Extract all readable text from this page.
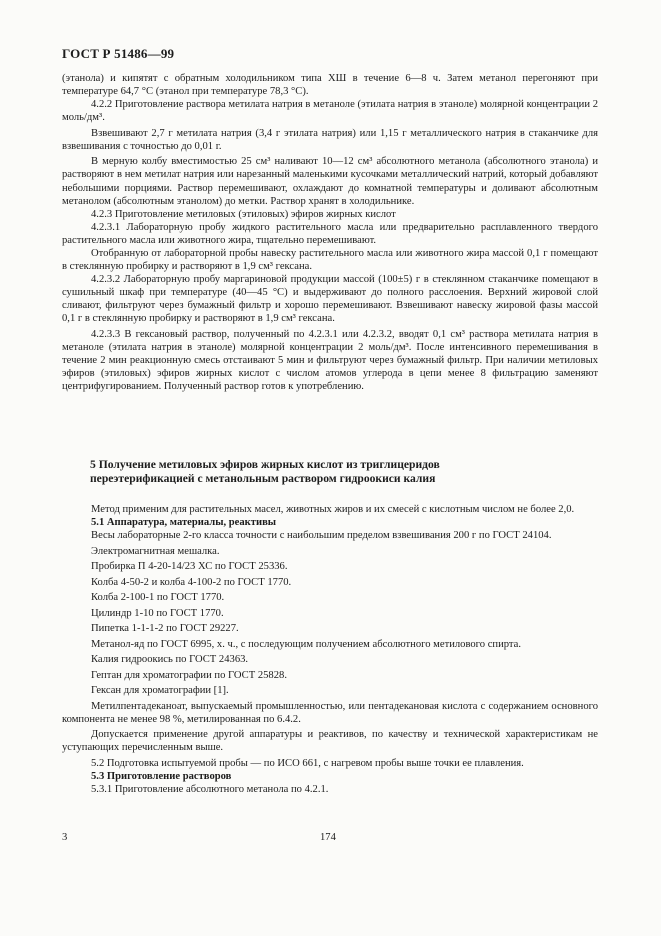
ГОСТ Р 51486—99

(этанола) и кипятят с обратным холодильником типа ХШ в течение 6—8 ч. Затем метанол перегоняют при температуре 64,7 °С (этанол при температуре 78,3 °С).

4.2.2 Приготовление раствора метилата натрия в метаноле (этилата натрия в этаноле) молярной концентрации 2 моль/дм³.

Взвешивают 2,7 г метилата натрия (3,4 г этилата натрия) или 1,15 г металлического натрия в стаканчике для взвешивания с точностью до 0,01 г.

В мерную колбу вместимостью 25 см³ наливают 10—12 см³ абсолютного метанола (абсолютного этанола) и растворяют в нем метилат натрия или нарезанный маленькими кусочками металлический натрий, который добавляют небольшими порциями. Раствор перемешивают, охлаждают до комнатной температуры и доливают абсолютным метанолом (абсолютным этанолом) до метки. Раствор хранят в холодильнике.

4.2.3 Приготовление метиловых (этиловых) эфиров жирных кислот

4.2.3.1 Лабораторную пробу жидкого растительного масла или предварительно расплавленного твердого растительного масла или животного жира, тщательно перемешивают.

Отобранную от лабораторной пробы навеску растительного масла или животного жира массой 0,1 г помещают в стеклянную пробирку и растворяют в 1,9 см³ гексана.

4.2.3.2 Лабораторную пробу маргариновой продукции массой (100±5) г в стеклянном стаканчике помещают в сушильный шкаф при температуре (40—45 °С) и выдерживают до полного расслоения. Верхний жировой слой сливают, фильтруют через бумажный фильтр и хорошо перемешивают. Взвешивают навеску жировой фазы массой 0,1 г в стеклянную пробирку и растворяют в 1,9 см³ гексана.

4.2.3.3 В гексановый раствор, полученный по 4.2.3.1 или 4.2.3.2, вводят 0,1 см³ раствора метилата натрия в метаноле (этилата натрия в этаноле) молярной концентрации 2 моль/дм³. После интенсивного перемешивания в течение 2 мин реакционную смесь отстаивают 5 мин и фильтруют через бумажный фильтр. При наличии метиловых эфиров (этиловых) эфиров жирных кислот с числом атомов углерода в цепи менее 8 фильтрацию заменяют центрифугированием. Полученный раствор готов к употреблению.

5 Получение метиловых эфиров жирных кислот из триглицеридов
переэтерификацией с метанольным раствором гидроокиси калия

Метод применим для растительных масел, животных жиров и их смесей с кислотным числом не более 2,0.

5.1 Аппаратура, материалы, реактивы

Весы лабораторные 2-го класса точности с наибольшим пределом взвешивания 200 г по ГОСТ 24104.

Электромагнитная мешалка.

Пробирка П 4-20-14/23 ХС по ГОСТ 25336.

Колба 4-50-2 и колба 4-100-2 по ГОСТ 1770.

Колба 2-100-1 по ГОСТ 1770.

Цилиндр 1-10 по ГОСТ 1770.

Пипетка 1-1-1-2 по ГОСТ 29227.

Метанол-яд по ГОСТ 6995, х. ч., с последующим получением абсолютного метилового спирта.

Калия гидроокись по ГОСТ 24363.

Гептан для хроматографии по ГОСТ 25828.

Гексан для хроматографии [1].

Метилпентадеканоат, выпускаемый промышленностью, или пентадекановая кислота с содержанием основного компонента не менее 98 %, метилированная по 6.4.2.

Допускается применение другой аппаратуры и реактивов, по качеству и технической характеристикам не уступающих перечисленным выше.

5.2 Подготовка испытуемой пробы — по ИСО 661, с нагревом пробы выше точки ее плавления.

5.3 Приготовление растворов

5.3.1 Приготовление абсолютного метанола по 4.2.1.

3	174
